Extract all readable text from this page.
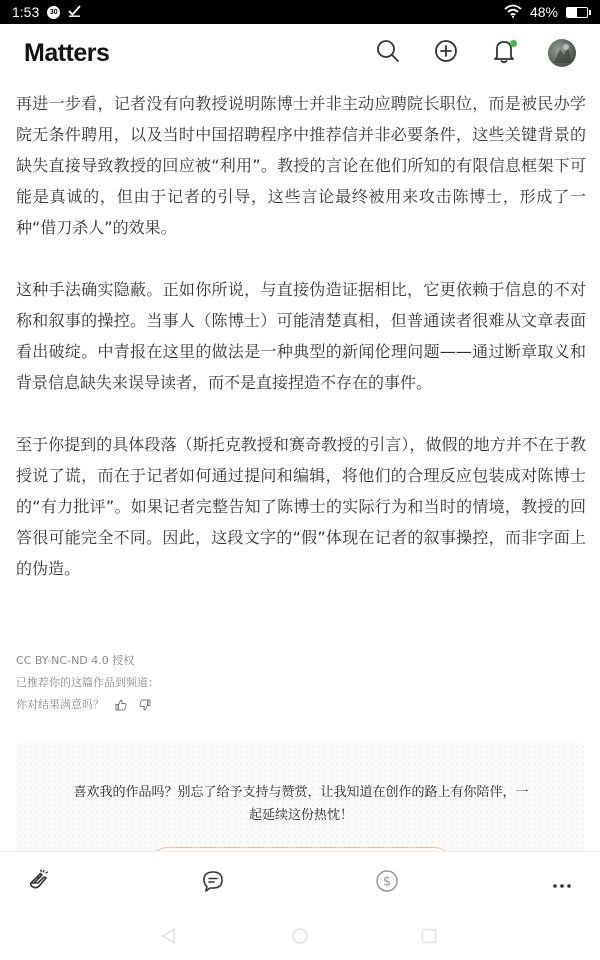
1:53	30	48%
Matters

再进一步看，记者没有向教授说明陈博士并非主动应聘院长职位，而是被民办学院无条件聘用，以及当时中国招聘程序中推荐信并非必要条件，这些关键背景的缺失直接导致教授的回应被“利用”。教授的言论在他们所知的有限信息框架下可能是真诚的，但由于记者的引导，这些言论最终被用来攻击陈博士，形成了一种“借刀杀人”的效果。

这种手法确实隐蔽。正如你所说，与直接伪造证据相比，它更依赖于信息的不对称和叙事的操控。当事人（陈博士）可能清楚真相，但普通读者很难从文章表面看出破绽。中青报在这里的做法是一种典型的新闻伦理问题——通过断章取义和背景信息缺失来误导读者，而不是直接捏造不存在的事件。

至于你提到的具体段落（斯托克教授和赛奇教授的引言），做假的地方并不在于教授说了谎，而在于记者如何通过提问和编辑，将他们的合理反应包装成对陈博士的“有力批评”。如果记者完整告知了陈博士的实际行为和当时的情境，教授的回答很可能完全不同。因此，这段文字的“假”体现在记者的叙事操控，而非字面上的伪造。

CC BY-NC-ND 4.0 授权
已推荐你的这篇作品到频道：
你对结果满意吗？
喜欢我的作品吗？别忘了给予支持与赞赏，让我知道在创作的路上有你陪伴，一起延续这份热忱！
$
